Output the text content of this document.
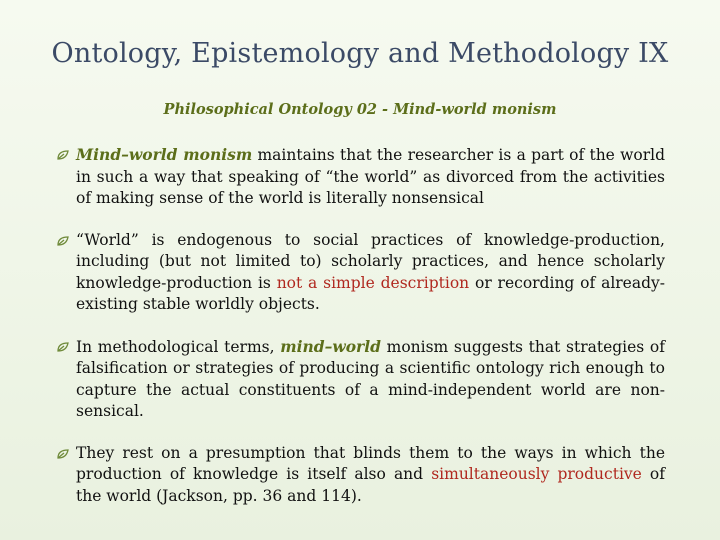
Ontology, Epistemology and Methodology IX
Philosophical Ontology 02 - Mind-world monism
Mind–world monism maintains that the researcher is a part of the world in such a way that speaking of “the world” as divorced from the activities of making sense of the world is literally nonsensical
“World” is endogenous to social practices of knowledge-production, including (but not limited to) scholarly practices, and hence scholarly knowledge-production is not a simple description or recording of already-existing stable worldly objects.
In methodological terms, mind–world monism suggests that strategies of falsification or strategies of producing a scientific ontology rich enough to capture the actual constituents of a mind-independent world are non-sensical.
They rest on a presumption that blinds them to the ways in which the production of knowledge is itself also and simultaneously productive of the world (Jackson, pp. 36 and 114).
